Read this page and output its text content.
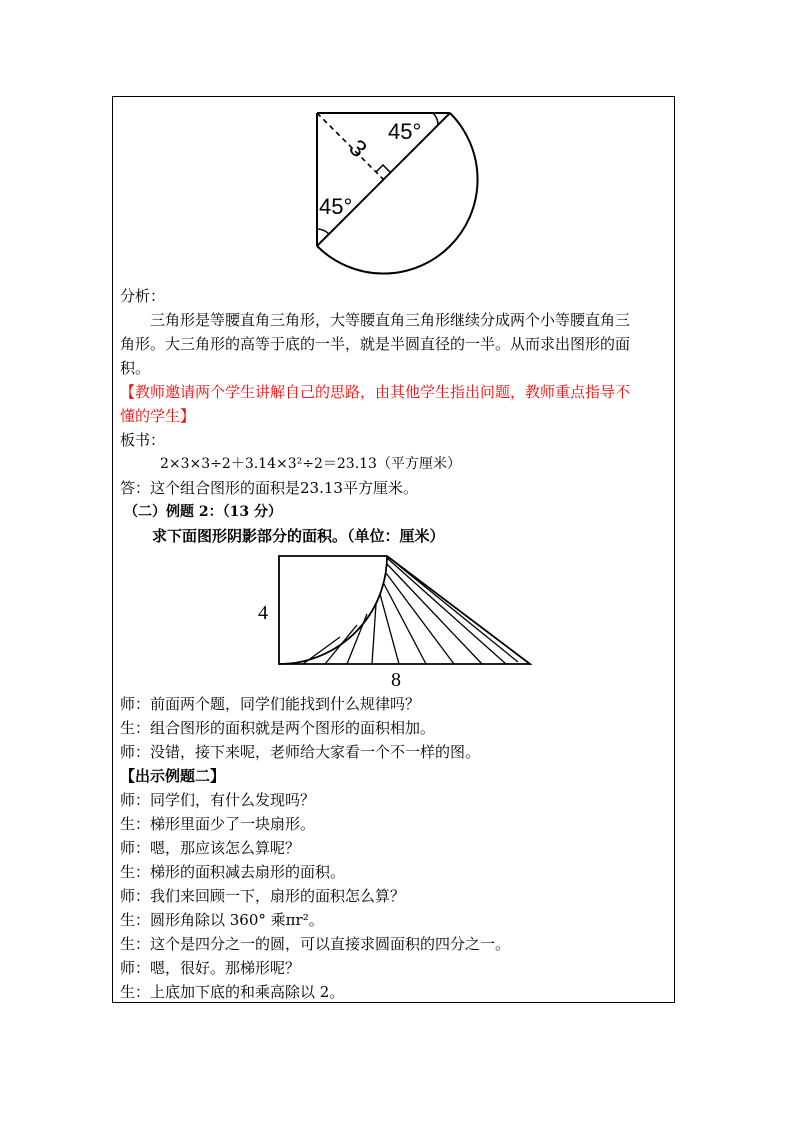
3
45°
45°
分析：
三角形是等腰直角三角形，大等腰直角三角形继续分成两个小等腰直角三
角形。大三角形的高等于底的一半，就是半圆直径的一半。从而求出图形的面
积。
【教师邀请两个学生讲解自己的思路，由其他学生指出问题，教师重点指导不
懂的学生】
板书：
2×3×3÷2＋3.14×3²÷2＝23.13（平方厘米）
答：这个组合图形的面积是23.13平方厘米。
（二）例题 2：（13 分）
求下面图形阴影部分的面积。（单位：厘米）
4
8
师：前面两个题，同学们能找到什么规律吗？
生：组合图形的面积就是两个图形的面积相加。
师：没错，接下来呢，老师给大家看一个不一样的图。
【出示例题二】
师：同学们，有什么发现吗？
生：梯形里面少了一块扇形。
师：嗯，那应该怎么算呢？
生：梯形的面积减去扇形的面积。
师：我们来回顾一下，扇形的面积怎么算？
生：圆形角除以 360° 乘πr²。
生：这个是四分之一的圆，可以直接求圆面积的四分之一。
师：嗯，很好。那梯形呢？
生：上底加下底的和乘高除以 2。
